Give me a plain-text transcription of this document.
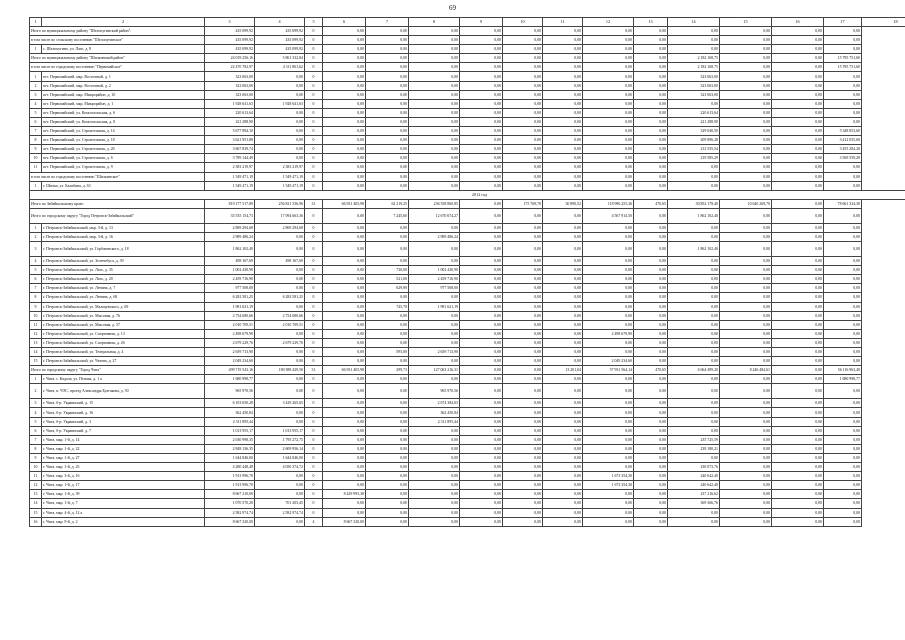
69
1	2	3	4	5	6	7	8	9	10	11	12	13	14	15	16	17	18
Итого по муниципальному району "Шелопугинский район":		435 099,92	435 099,92	0	0,00	0,00	0,00	0,00	0,00	0,00	0,00	0,00	0,00	0,00	0,00	0,00	
в том числе по сельскому поселению "Шелопугинское"		435 099,92	435 099,92	0	0,00	0,00	0,00	0,00	0,00	0,00	0,00	0,00	0,00	0,00	0,00	0,00	
1	с. Шелопугино, ул. Лазо, д. 8	435 099,92	435 099,92	0	0,00	0,00	0,00	0,00	0,00	0,00	0,00	0,00	0,00	0,00	0,00	0,00	
Итого по муниципальному району "Шилкинский район"		24 019 256,16	5 861 332,84	0	0,00	0,00	0,00	0,00	0,00	0,00	0,00	0,00	2 182 168,75	0,00	0,00	15 785 751,60	
в том числе по городскому поселению "Первомайское"		22 470 782,97	4 311 861,62	0	0,00	0,00	0,00	0,00	0,00	0,00	0,00	0,00	2 182 168,75	0,00	0,00	15 785 751,60	
1	пгт. Первомайский, мкр. Восточный, д. 1	323 063,00	0,00	0	0,00	0,00	0,00	0,00	0,00	0,00	0,00	0,00	323 063,00	0,00	0,00	0,00	
2	пгт. Первомайский, мкр. Восточный, д. 2	323 063,00	0,00	0	0,00	0,00	0,00	0,00	0,00	0,00	0,00	0,00	323 063,00	0,00	0,00	0,00	
3	пгт. Первомайский, мкр. Микрорайон, д. 10	323 063,00	0,00	0	0,00	0,00	0,00	0,00	0,00	0,00	0,00	0,00	323 063,00	0,00	0,00	0,00	
4	пгт. Первомайский, мкр. Микрорайон, д. 1	1 928 641,63	1 928 641,63	0	0,00	0,00	0,00	0,00	0,00	0,00	0,00	0,00	0,00	0,00	0,00	0,00	
5	пгт. Первомайский, ул. Комсомольская, д. 6	220 613,64	0,00	0	0,00	0,00	0,00	0,00	0,00	0,00	0,00	0,00	220 613,64	0,00	0,00	0,00	
6	пгт. Первомайский, ул. Комсомольская, д. 8	221 288,90	0,00	0	0,00	0,00	0,00	0,00	0,00	0,00	0,00	0,00	221 288,90	0,00	0,00	0,00	
7	пгт. Первомайский, ул. Строительная, д. 14	5 677 894,10	0,00	0	0,00	0,00	0,00	0,00	0,00	0,00	0,00	0,00	329 040,50	0,00	0,00	5 348 853,60	
8	пгт. Первомайский, ул. Строительная, д. 18	3 621 951,88	0,00	0	0,00	0,00	0,00	0,00	0,00	0,00	0,00	0,00	209 896,28	0,00	0,00	3 412 055,60	
9	пгт. Первомайский, ул. Строительная, д. 20	3 667 839,74	0,00	0	0,00	0,00	0,00	0,00	0,00	0,00	0,00	0,00	212 555,54	0,00	0,00	3 455 284,20	
10	пгт. Первомайский, ул. Строительная, д. 6	3 789 144,49	0,00	0	0,00	0,00	0,00	0,00	0,00	0,00	0,00	0,00	219 585,29	0,00	0,00	3 569 559,20	
11	пгт. Первомайский, ул. Строительная, д. 9	2 383 219,97	2 383 219,97	0	0,00	0,00	0,00	0,00	0,00	0,00	0,00	0,00	0,00	0,00	0,00	0,00	
в том числе по городскому поселению "Шилкинское"		1 549 471,19	1 549 471,19	0	0,00	0,00	0,00	0,00	0,00	0,00	0,00	0,00	0,00	0,00	0,00	0,00	
1	г. Шилка, ул. Балябина, д. 63	1 549 471,19	1 549 471,19	0	0,00	0,00	0,00	0,00	0,00	0,00	0,00	0,00	0,00	0,00	0,00	0,00	
2012 год																	
Итого по Забайкальскому краю:		819 177 517,89	256 821 536,96	31	66 931 405,98	62 219,25	236 358 860,85	0,00	175 769,70	30 890,52	118 996 255,36	470,65	30 852 178,40	10 640 269,70	0,00	78 661 334,38	
Итого по городскому округу "Город Петровск-Забайкальский"		35 535 154,73	17 094 663,36	0	0,00	7 245,60	12 670 674,27	0,00	0,00	0,00	4 567 914,50	0,00	1 862 102,40	0,00	0,00	0,00	
1	г. Петровск-Забайкальский, мкр. 3-й, д. 13	2 869 294,68	2 869 294,68	0	0,00	0,00	0,00	0,00	0,00	0,00	0,00	0,00	0,00	0,00	0,00	0,00	
2	г. Петровск-Забайкальский, мкр. 3-й, д. 16	2 989 486,24	0,00	0	0,00	0,00	2 989 486,24	0,00	0,00	0,00	0,00	0,00	0,00	0,00	0,00	0,00	
3	г. Петровск-Забайкальский, ул. Горбачевского, д. 18	1 862 102,40	0,00	0	0,00	0,00	0,00	0,00	0,00	0,00	0,00	0,00	1 862 102,40	0,00	0,00	0,00	
4	г. Петровск-Забайкальский, ул. Зеленобуса, д. 39	498 167,69	498 167,69	0	0,00	0,00	0,00	0,00	0,00	0,00	0,00	0,00	0,00	0,00	0,00	0,00	
5	г. Петровск-Забайкальский, ул. Лазо, д. 35	1 002 430,90	0,00	0	0,00	730,00	1 002 430,90	0,00	0,00	0,00	0,00	0,00	0,00	0,00	0,00	0,00	
6	г. Петровск-Забайкальский, ул. Лазо, д. 20	2 459 716,90	0,00	0	0,00	521,00	2 459 716,90	0,00	0,00	0,00	0,00	0,00	0,00	0,00	0,00	0,00	
7	г. Петровск-Забайкальский, ул. Ленина, д. 7	977 508,00	0,00	0	0,00	629,90	977 508,00	0,00	0,00	0,00	0,00	0,00	0,00	0,00	0,00	0,00	
8	г. Петровск-Забайкальский, ул. Ленина, д. 68	6 282 581,25	6 282 581,25	0	0,00	0,00	0,00	0,00	0,00	0,00	0,00	0,00	0,00	0,00	0,00	0,00	
9	г. Петровск-Забайкальский, ул. Мальцевского, д. 69	1 981 621,19	0,00	0	0,00	745,70	1 981 621,19	0,00	0,00	0,00	0,00	0,00	0,00	0,00	0,00	0,00	
10	г. Петровск-Забайкальский, ул. Мысовая, д. 76	2 754 680,66	2 754 680,66	0	0,00	0,00	0,00	0,00	0,00	0,00	0,00	0,00	0,00	0,00	0,00	0,00	
11	г. Петровск-Забайкальский, ул. Мысовая, д. 57	2 010 709,51	2 010 709,51	0	0,00	0,00	0,00	0,00	0,00	0,00	0,00	0,00	0,00	0,00	0,00	0,00	
12	г. Петровск-Забайкальский, ул. Спортивная, д. 13	2 498 679,90	0,00	0	0,00	0,00	0,00	0,00	0,00	0,00	2 498 679,90	0,00	0,00	0,00	0,00	0,00	
13	г. Петровск-Забайкальский, ул. Спортивная, д. 26	2 679 229,76	2 679 229,76	0	0,00	0,00	0,00	0,00	0,00	0,00	0,00	0,00	0,00	0,00	0,00	0,00	
14	г. Петровск-Забайкальский, ул. Театральная, д. 4	2 659 713,90	0,00	0	0,00	595,00	2 659 713,90	0,00	0,00	0,00	0,00	0,00	0,00	0,00	0,00	0,00	
15	г. Петровск-Забайкальский, ул. Чехова, д. 27	2 049 234,60	0,00	0	0,00	0,00	0,00	0,00	0,00	0,00	2 049 234,60	0,00	0,00	0,00	0,00	0,00	
Итого по городскому округу "Город Чита"		499 719 543,16	180 388 429,50	31	66 931 405,98	299,73	127 063 216,31	0,00	0,00	13 201,04	57 931 564,14	470,65	6 664 499,20	8 246 484,61	0,00	56 116 963,40	
1	г. Чита, с. Кадала, ул. Птичья, д. 1 а	1 680 998,77	0,00	0	0,00	0,00	0,00	0,00	0,00	0,00	0,00	0,00	0,00	0,00	0,00	1 680 998,77	
2	г. Чита, п. ЧЭС, проезд Александра Булгакова, д. 50	965 970,56	0,00	0	0,00	0,00	965 970,56	0,00	0,00	0,00	0,00	0,00	0,00	0,00	0,00	0,00	
3	г. Чита, б-р. Украинский, д. 15	6 103 650,28	3 429 265,65	0	0,00	0,00	2 674 384,63	0,00	0,00	0,00	0,00	0,00	0,00	0,00	0,00	0,00	
4	г. Чита, б-р. Украинский, д. 16	362 450,84	0,00	0	0,00	0,00	362 450,84	0,00	0,00	0,00	0,00	0,00	0,00	0,00	0,00	0,00	
5	г. Чита, б-р. Украинский, д. 3	2 311 895,44	0,00	0	0,00	0,00	2 311 895,44	0,00	0,00	0,00	0,00	0,00	0,00	0,00	0,00	0,00	
6	г. Чита, б-р. Украинский, д. 7	1 013 955,17	1 013 955,17	0	0,00	0,00	0,00	0,00	0,00	0,00	0,00	0,00	0,00	0,00	0,00	0,00	
7	г. Чита, мкр. 1-й, д. 14	2 030 998,35	1 795 272,75	0	0,00	0,00	0,00	0,00	0,00	0,00	0,00	0,00	235 725,59	0,00	0,00	0,00	
8	г. Чита, мкр. 1-й, д. 22	2 848 136,35	2 609 956,14	0	0,00	0,00	0,00	0,00	0,00	0,00	0,00	0,00	239 180,21	0,00	0,00	0,00	
9	г. Чита, мкр. 1-й, д. 27	1 644 846,00	1 644 846,00	0	0,00	0,00	0,00	0,00	0,00	0,00	0,00	0,00	0,00	0,00	0,00	0,00	
10	г. Чита, мкр. 1-й, д. 25	4 280 448,48	4 050 374,72	0	0,00	0,00	0,00	0,00	0,00	0,00	0,00	0,00	230 073,76	0,00	0,00	0,00	
11	г. Чита, мкр. 3-й, д. 16	1 913 996,70	0,00	0	0,00	0,00	0,00	0,00	0,00	0,00	1 673 354,30	0,00	240 642,40	0,00	0,00	0,00	
12	г. Чита, мкр. 1-й, д. 17	1 913 996,70	0,00	0	0,00	0,00	0,00	0,00	0,00	0,00	1 673 354,30	0,00	240 642,40	0,00	0,00	0,00	
13	г. Чита, мкр. 1-й, д. 39	8 667 210,00	0,00	0	8 429 993,38	0,00	0,00	0,00	0,00	0,00	0,00	0,00	237 216,62	0,00	0,00	0,00	
14	г. Чита, мкр. 1-й, д. 7	1 070 570,20	701 203,45	0	0,00	0,00	0,00	0,00	0,00	0,00	0,00	0,00	369 366,76	0,00	0,00	0,00	
15	г. Чита, мкр. 4-й, д. 12 а	2 582 974,74	2 582 974,74	0	0,00	0,00	0,00	0,00	0,00	0,00	0,00	0,00	0,00	0,00	0,00	0,00	
16	г. Чита, мкр. 9-й, д. 2	8 667 320,00	0,00	4	8 667 320,00	0,00	0,00	0,00	0,00	0,00	0,00	0,00	0,00	0,00	0,00	0,00	
